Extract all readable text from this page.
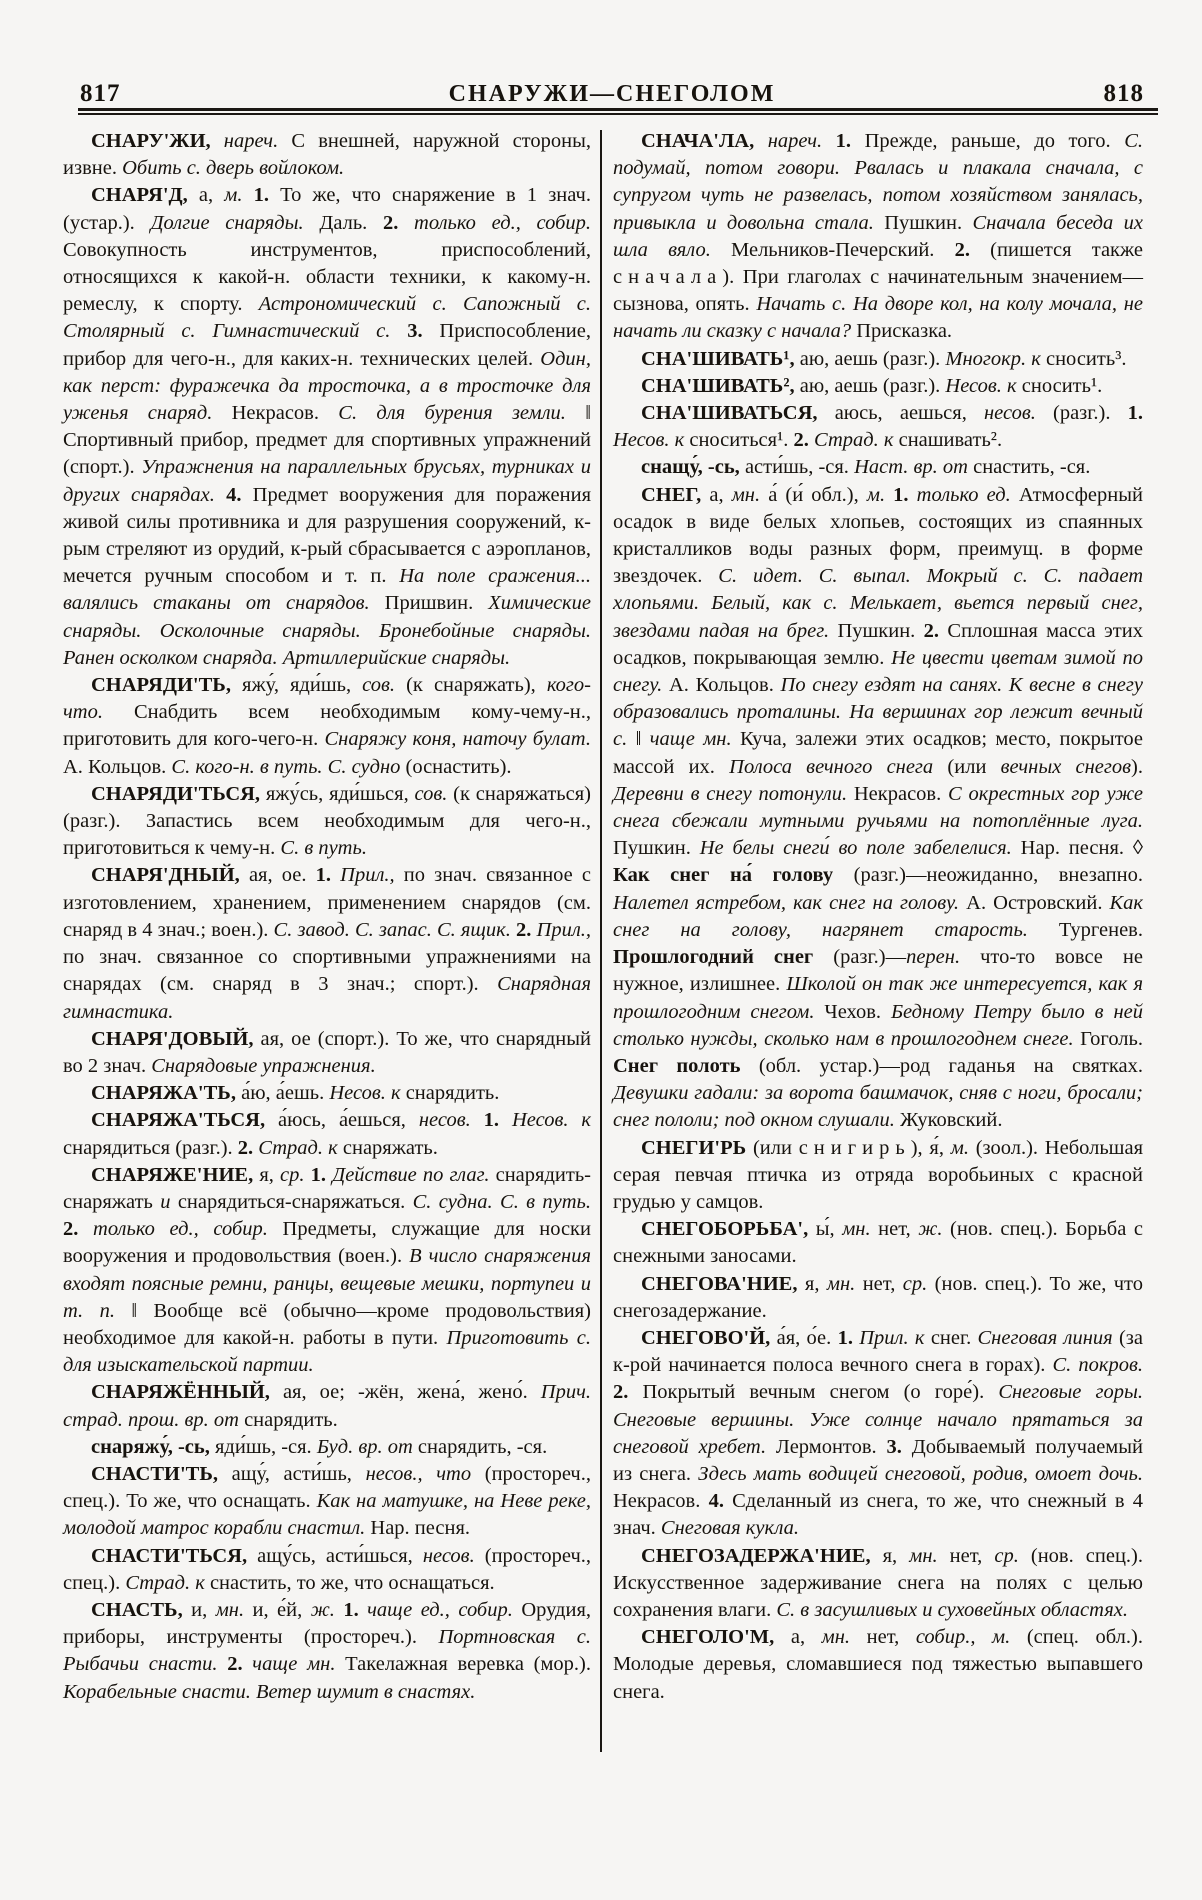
817	СНАРУЖИ—СНЕГОЛОМ	818

СНАРУ'ЖИ, нареч. С внешней, наружной стороны, извне. Обить с. дверь войлоком.

СНАРЯ'Д, а, м. 1. То же, что снаряжение в 1 знач. (устар.). Долгие снаряды. Даль. 2. только ед., собир. Совокупность инструментов, приспособлений, относящихся к какой-н. области техники, к какому-н. ремеслу, к спорту. Астрономический с. Сапожный с. Столярный с. Гимнастический с. 3. Приспособление, прибор для чего-н., для каких-н. технических целей. Один, как перст: фуражечка да тросточка, а в тросточке для уженья снаряд. Некрасов. С. для бурения земли. ‖ Спортивный прибор, предмет для спортивных упражнений (спорт.). Упражнения на параллельных брусьях, турниках и других снарядах. 4. Предмет вооружения для поражения живой силы противника и для разрушения сооружений, к-рым стреляют из орудий, к-рый сбрасывается с аэропланов, мечется ручным способом и т. п. На поле сражения... валялись стаканы от снарядов. Пришвин. Химические снаряды. Осколочные снаряды. Бронебойные снаряды. Ранен осколком снаряда. Артиллерийские снаряды.

СНАРЯДИ'ТЬ, яжу́, яди́шь, сов. (к снаряжать), кого-что. Снабдить всем необходимым кому-чему-н., приготовить для кого-чего-н. Снаряжу коня, наточу булат. А. Кольцов. С. кого-н. в путь. С. судно (оснастить).

СНАРЯДИ'ТЬСЯ, яжу́сь, яди́шься, сов. (к снаряжаться) (разг.). Запастись всем необходимым для чего-н., приготовиться к чему-н. С. в путь.

СНАРЯ'ДНЫЙ, ая, ое. 1. Прил., по знач. связанное с изготовлением, хранением, применением снарядов (см. снаряд в 4 знач.; воен.). С. завод. С. запас. С. ящик. 2. Прил., по знач. связанное со спортивными упражнениями на снарядах (см. снаряд в 3 знач.; спорт.). Снарядная гимнастика.

СНАРЯ'ДОВЫЙ, ая, ое (спорт.). То же, что снарядный во 2 знач. Снарядовые упражнения.

СНАРЯЖА'ТЬ, а́ю, а́ешь. Несов. к снарядить.

СНАРЯЖА'ТЬСЯ, а́юсь, а́ешься, несов. 1. Несов. к снарядиться (разг.). 2. Страд. к снаряжать.

СНАРЯЖЕ'НИЕ, я, ср. 1. Действие по глаг. снарядить-снаряжать и снарядиться-снаряжаться. С. судна. С. в путь. 2. только ед., собир. Предметы, служащие для носки вооружения и продовольствия (воен.). В число снаряжения входят поясные ремни, ранцы, вещевые мешки, портупеи и т. п. ‖ Вообще всё (обычно—кроме продовольствия) необходимое для какой-н. работы в пути. Приготовить с. для изыскательской партии.

СНАРЯЖЁННЫЙ, ая, ое; -жён, жена́, жено́. Прич. страд. прош. вр. от снарядить.

снаряжу́, -сь, яди́шь, -ся. Буд. вр. от снарядить, -ся.

СНАСТИ'ТЬ, ащу́, асти́шь, несов., что (простореч., спец.). То же, что оснащать. Как на матушке, на Неве реке, молодой матрос корабли снастил. Нар. песня.

СНАСТИ'ТЬСЯ, ащу́сь, асти́шься, несов. (простореч., спец.). Страд. к снастить, то же, что оснащаться.

СНАСТЬ, и, мн. и, е́й, ж. 1. чаще ед., собир. Орудия, приборы, инструменты (простореч.). Портновская с. Рыбачьи снасти. 2. чаще мн. Такелажная веревка (мор.). Корабельные снасти. Ветер шумит в снастях.

СНАЧА'ЛА, нареч. 1. Прежде, раньше, до того. С. подумай, потом говори. Рвалась и плакала сначала, с супругом чуть не развелась, потом хозяйством занялась, привыкла и довольна стала. Пушкин. Сначала беседа их шла вяло. Мельников-Печерский. 2. (пишется также сначала). При глаголах с начинательным значением—сызнова, опять. Начать с. На дворе кол, на колу мочала, не начать ли сказку с начала? Присказка.

СНА'ШИВАТЬ¹, аю, аешь (разг.). Многокр. к сносить³.

СНА'ШИВАТЬ², аю, аешь (разг.). Несов. к сносить¹.

СНА'ШИВАТЬСЯ, аюсь, аешься, несов. (разг.). 1. Несов. к сноситься¹. 2. Страд. к снашивать².

снащу́, -сь, асти́шь, -ся. Наст. вр. от снастить, -ся.

СНЕГ, а, мн. а́ (и́ обл.), м. 1. только ед. Атмосферный осадок в виде белых хлопьев, состоящих из спаянных кристалликов воды разных форм, преимущ. в форме звездочек. С. идет. С. выпал. Мокрый с. С. падает хлопьями. Белый, как с. Мелькает, вьется первый снег, звездами падая на брег. Пушкин. 2. Сплошная масса этих осадков, покрывающая землю. Не цвести цветам зимой по снегу. А. Кольцов. По снегу ездят на санях. К весне в снегу образовались проталины. На вершинах гор лежит вечный с. ‖ чаще мн. Куча, залежи этих осадков; место, покрытое массой их. Полоса вечного снега (или вечных снегов). Деревни в снегу потонули. Некрасов. С окрестных гор уже снега сбежали мутными ручьями на потоплённые луга. Пушкин. Не белы снеги́ во поле забелелися. Нар. песня. ◊ Как снег на́ голову (разг.)—неожиданно, внезапно. Налетел ястребом, как снег на голову. А. Островский. Как снег на голову, нагрянет старость. Тургенев. Прошлогодний снег (разг.)—перен. что-то вовсе не нужное, излишнее. Школой он так же интересуется, как я прошлогодним снегом. Чехов. Бедному Петру было в ней столько нужды, сколько нам в прошлогоднем снеге. Гоголь. Снег полоть (обл. устар.)—род гаданья на святках. Девушки гадали: за ворота башмачок, сняв с ноги, бросали; снег пололи; под окном слушали. Жуковский.

СНЕГИ'РЬ (или снигирь), я́, м. (зоол.). Небольшая серая певчая птичка из отряда воробьиных с красной грудью у самцов.

СНЕГОБОРЬБА', ы́, мн. нет, ж. (нов. спец.). Борьба с снежными заносами.

СНЕГОВА'НИЕ, я, мн. нет, ср. (нов. спец.). То же, что снегозадержание.

СНЕГОВО'Й, а́я, о́е. 1. Прил. к снег. Снеговая линия (за к-рой начинается полоса вечного снега в горах). С. покров. 2. Покрытый вечным снегом (о горе́). Снеговые горы. Снеговые вершины. Уже солнце начало прятаться за снеговой хребет. Лермонтов. 3. Добываемый получаемый из снега. Здесь мать водицей снеговой, родив, омоет дочь. Некрасов. 4. Сделанный из снега, то же, что снежный в 4 знач. Снеговая кукла.

СНЕГОЗАДЕРЖА'НИЕ, я, мн. нет, ср. (нов. спец.). Искусственное задерживание снега на полях с целью сохранения влаги. С. в засушливых и суховейных областях.

СНЕГОЛО'М, а, мн. нет, собир., м. (спец. обл.). Молодые деревья, сломавшиеся под тяжестью выпавшего снега.
